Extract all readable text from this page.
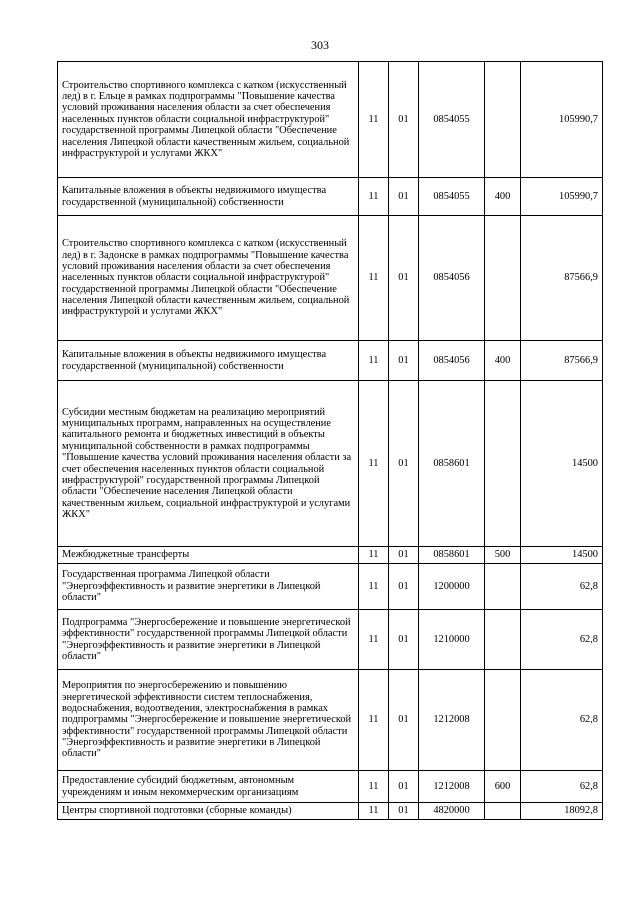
303
Строительство спортивного комплекса с катком (искусственный лед) в г. Ельце в рамках подпрограммы "Повышение качества условий проживания населения области за счет обеспечения населенных пунктов области социальной инфраструктурой" государственной программы Липецкой области "Обеспечение населения Липецкой области качественным жильем, социальной инфраструктурой и услугами ЖКХ"	11	01	0854055		105990,7
Капитальные вложения в объекты недвижимого имущества государственной (муниципальной) собственности	11	01	0854055	400	105990,7
Строительство спортивного комплекса с катком (искусственный лед) в г. Задонске в рамках подпрограммы "Повышение качества условий проживания населения области за счет обеспечения населенных пунктов области социальной инфраструктурой" государственной программы Липецкой области "Обеспечение населения Липецкой области качественным жильем, социальной инфраструктурой и услугами ЖКХ"	11	01	0854056		87566,9
Капитальные вложения в объекты недвижимого имущества государственной (муниципальной) собственности	11	01	0854056	400	87566,9
Субсидии местным бюджетам на реализацию мероприятий муниципальных программ, направленных на осуществление капитального ремонта и бюджетных инвестиций в объекты муниципальной собственности в рамках подпрограммы "Повышение качества условий проживания населения области за счет обеспечения населенных пунктов области социальной инфраструктурой" государственной программы Липецкой области "Обеспечение населения Липецкой области качественным жильем, социальной инфраструктурой и услугами ЖКХ"	11	01	0858601		14500
Межбюджетные трансферты	11	01	0858601	500	14500
Государственная программа Липецкой области "Энергоэффективность и развитие энергетики в Липецкой области"	11	01	1200000		62,8
Подпрограмма "Энергосбережение и повышение энергетической эффективности" государственной программы Липецкой области "Энергоэффективность и развитие энергетики в Липецкой области"	11	01	1210000		62,8
Мероприятия по энергосбережению и повышению энергетической эффективности систем теплоснабжения, водоснабжения, водоотведения, электроснабжения в рамках подпрограммы "Энергосбережение и повышение энергетической эффективности" государственной программы Липецкой области "Энергоэффективность и развитие энергетики в Липецкой области"	11	01	1212008		62,8
Предоставление субсидий бюджетным, автономным учреждениям и иным некоммерческим организациям	11	01	1212008	600	62,8
Центры спортивной подготовки (сборные команды)	11	01	4820000		18092,8
